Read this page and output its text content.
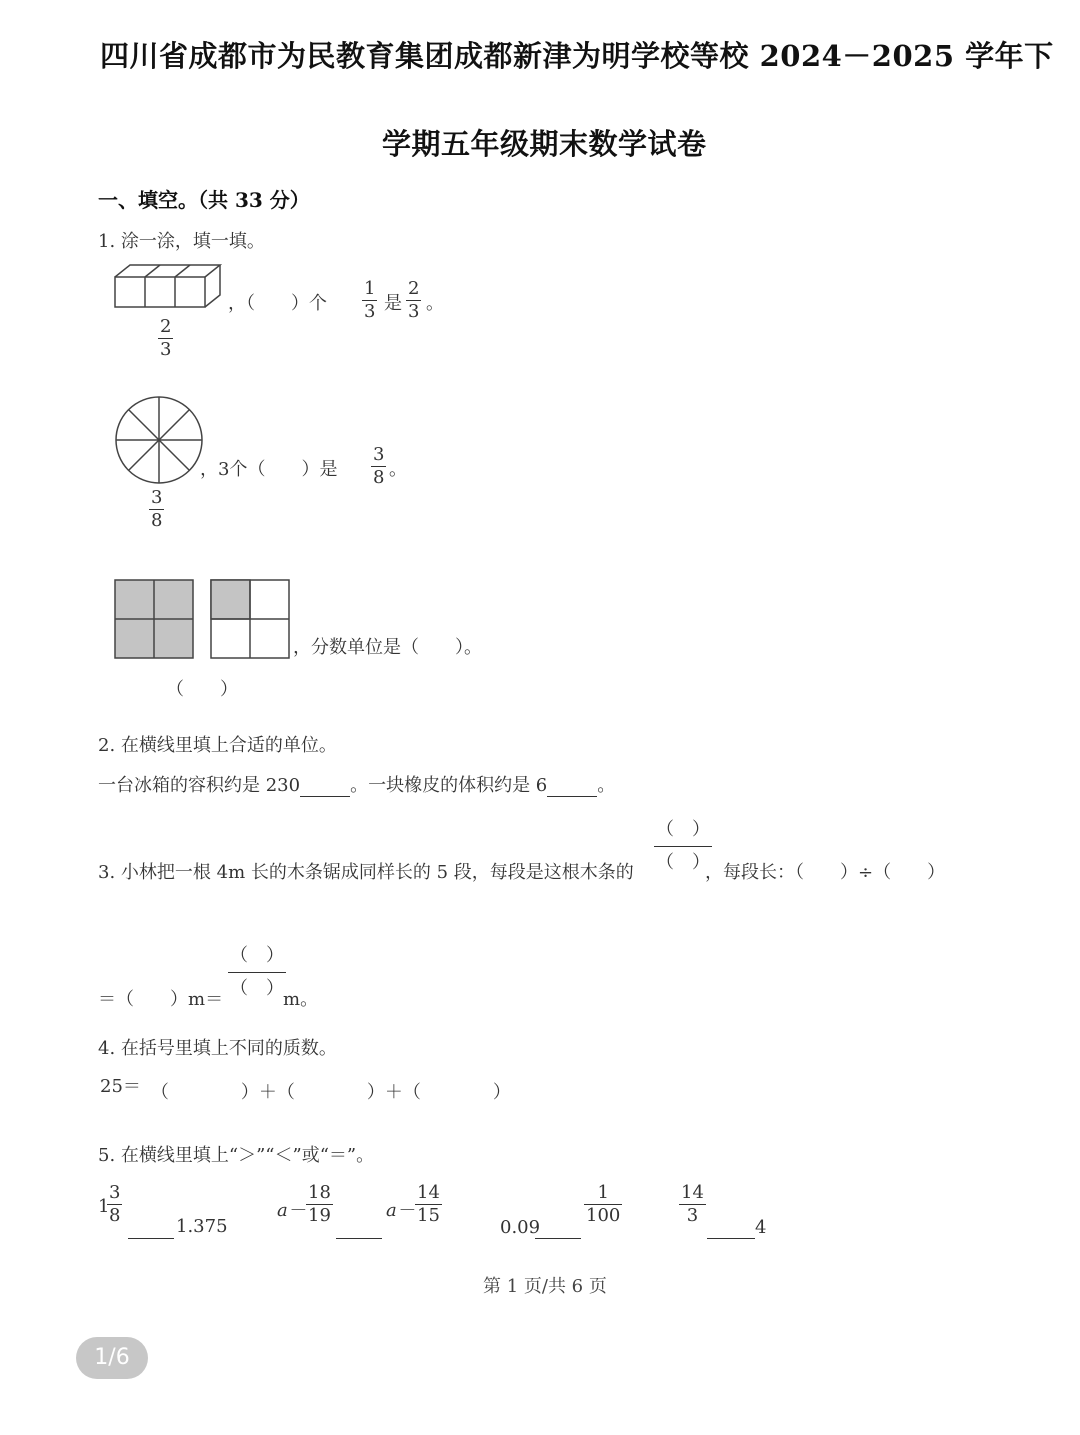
四川省成都市为民教育集团成都新津为明学校等校 2024－2025 学年下
学期五年级期末数学试卷
一、填空。（共 33 分）
1. 涂一涂，填一填。
2
3
，（　　）个
1
3 是
2
3 。
3
8
，3个（　　）是
3
8 。
，分数单位是（　　）。
（　　）
2. 在横线里填上合适的单位。
一台冰箱的容积约是 230	。一块橡皮的体积约是 6	。
3. 小林把一根 4m 长的木条锯成同样长的 5 段，每段是这根木条的
（　）
（　）
，每段长：（　　）÷（　　）
＝（　　）m＝
（　）
（　）
m。
4. 在括号里填上不同的质数。
25＝ （　　　　）＋（　　　　）＋（　　　　）
5. 在横线里填上“＞”“＜”或“＝”。
1
3
8
1.375
a－
18
19	a－
14
15
0.09
1
100
14
3
4
第 1 页/共 6 页
1/6
